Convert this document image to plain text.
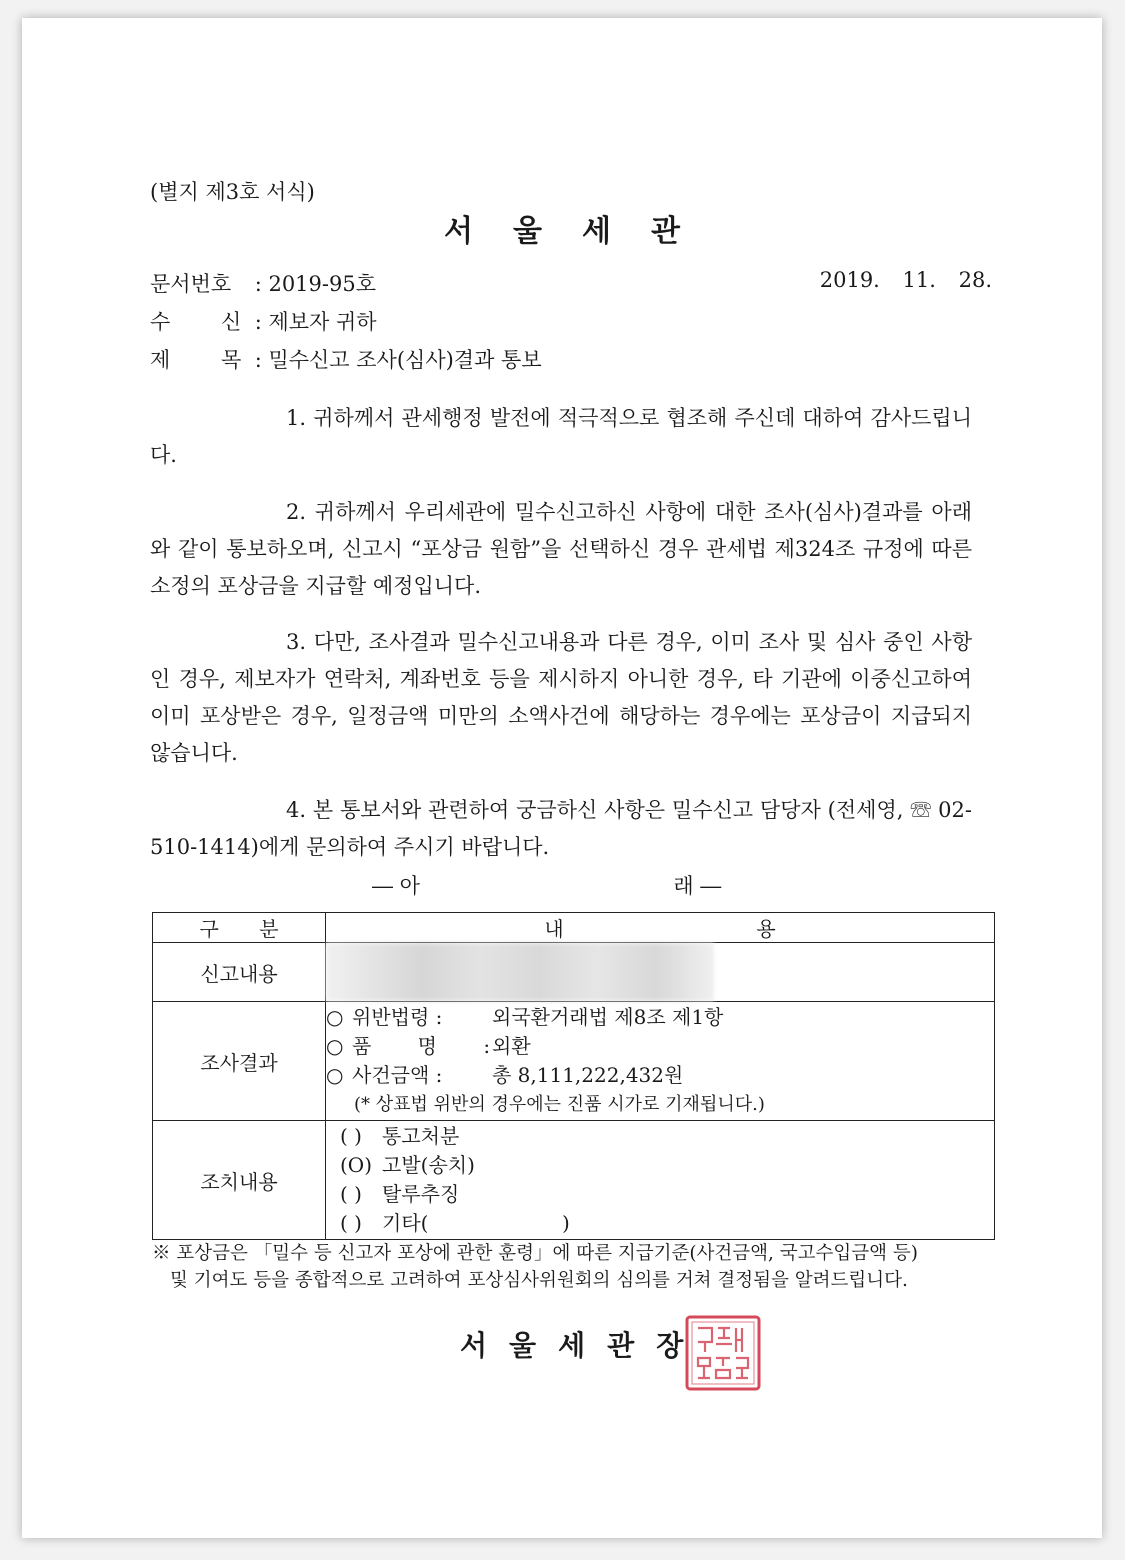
(별지 제3호 서식)
서울세관
문서번호 : 2019-95호	2019. 11. 28.
수 신 : 제보자 귀하
제 목 : 밀수신고 조사(심사)결과 통보
1. 귀하께서 관세행정 발전에 적극적으로 협조해 주신데 대하여 감사드립니다.
2. 귀하께서 우리세관에 밀수신고하신 사항에 대한 조사(심사)결과를 아래와 같이 통보하오며, 신고시 “포상금 원함”을 선택하신 경우 관세법 제324조 규정에 따른 소정의 포상금을 지급할 예정입니다.
3. 다만, 조사결과 밀수신고내용과 다른 경우, 이미 조사 및 심사 중인 사항인 경우, 제보자가 연락처, 계좌번호 등을 제시하지 아니한 경우, 타 기관에 이중신고하여 이미 포상받은 경우, 일정금액 미만의 소액사건에 해당하는 경우에는 포상금이 지급되지 않습니다.
4. 본 통보서와 관련하여 궁금하신 사항은 밀수신고 담당자 (전세영, ☏ 02-510-1414)에게 문의하여 주시기 바랍니다.
― 아	래 ―
구 분	내 용
신고내용	
조사결과	○ 위반법령 : 외국환거래법 제8조 제1항
○ 품 명 :외환
○ 사건금액 : 총 8,111,222,432원
(* 상표법 위반의 경우에는 진품 시가로 기재됩니다.)

조치내용	( ) 통고처분
(O) 고발(송치)
( ) 탈루추징
( ) 기타(                     )
※ 포상금은 「밀수 등 신고자 포상에 관한 훈령」에 따른 지급기준(사건금액, 국고수입금액 등)
및 기여도 등을 종합적으로 고려하여 포상심사위원회의 심의를 거쳐 결정됨을 알려드립니다.
서울세관장
